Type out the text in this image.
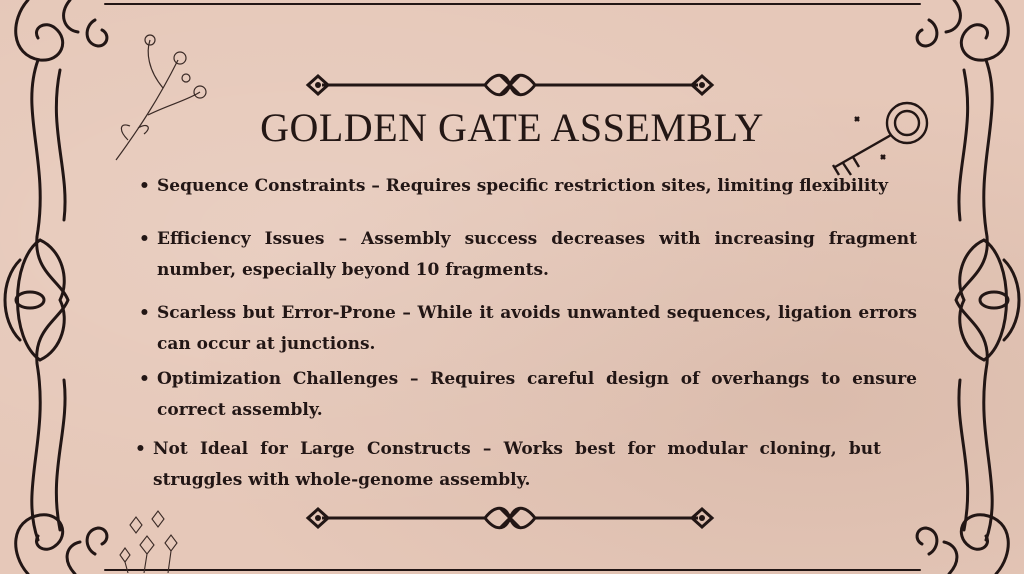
GOLDEN GATE ASSEMBLY
• Sequence Constraints – Requires specific restriction sites, limiting flexibility
• Efficiency Issues – Assembly success decreases with increasing fragment number, especially beyond 10 fragments.
• Scarless but Error-Prone – While it avoids unwanted sequences, ligation errors can occur at junctions.
• Optimization Challenges – Requires careful design of overhangs to ensure correct assembly.
• Not Ideal for Large Constructs – Works best for modular cloning, but struggles with whole-genome assembly.
